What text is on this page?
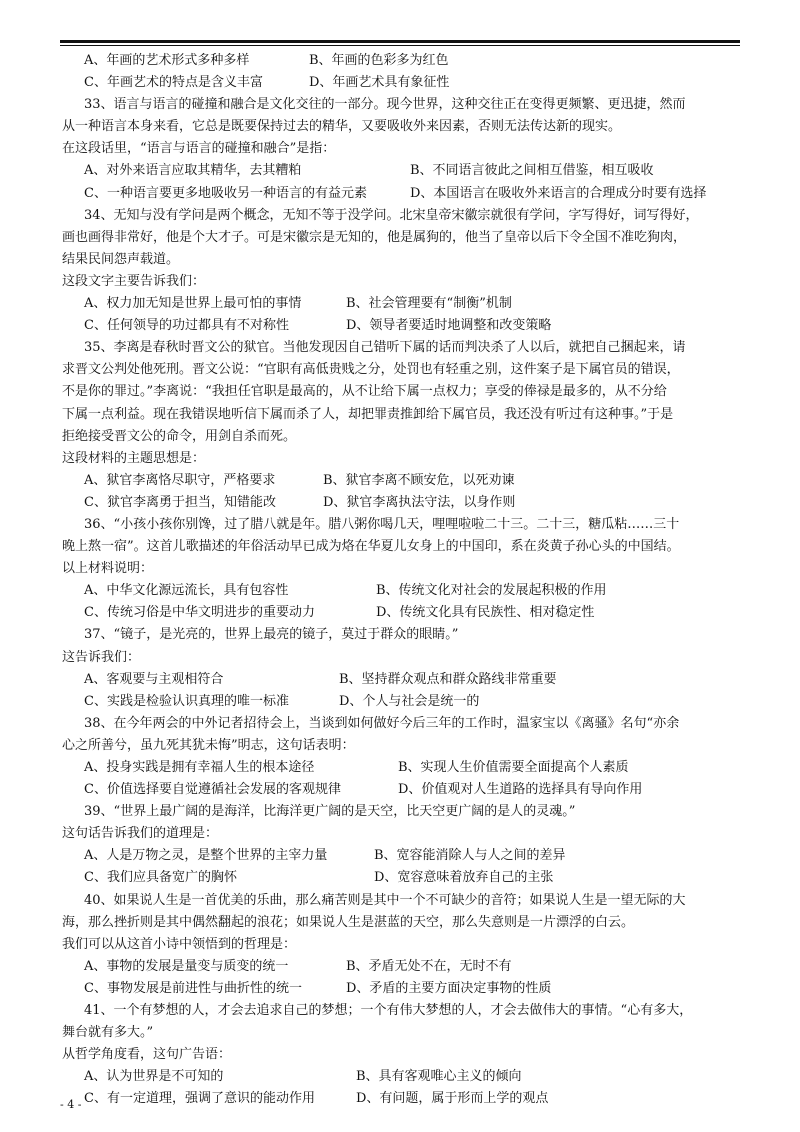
A、年画的艺术形式多种多样	B、年画的色彩多为红色
C、年画艺术的特点是含义丰富	D、年画艺术具有象征性
33、语言与语言的碰撞和融合是文化交往的一部分。现今世界，这种交往正在变得更频繁、更迅捷，然而
从一种语言本身来看，它总是既要保持过去的精华，又要吸收外来因素，否则无法传达新的现实。
在这段话里，“语言与语言的碰撞和融合”是指：
A、对外来语言应取其精华，去其糟粕	B、不同语言彼此之间相互借鉴，相互吸收
C、一种语言要更多地吸收另一种语言的有益元素	D、本国语言在吸收外来语言的合理成分时要有选择
34、无知与没有学问是两个概念，无知不等于没学问。北宋皇帝宋徽宗就很有学问，字写得好，词写得好，
画也画得非常好，他是个大才子。可是宋徽宗是无知的，他是属狗的，他当了皇帝以后下令全国不准吃狗肉，
结果民间怨声载道。
这段文字主要告诉我们：
A、权力加无知是世界上最可怕的事情	B、社会管理要有“制衡”机制
C、任何领导的功过都具有不对称性	D、领导者要适时地调整和改变策略
35、李离是春秋时晋文公的狱官。当他发现因自己错听下属的话而判决杀了人以后，就把自己捆起来，请
求晋文公判处他死刑。晋文公说：“官职有高低贵贱之分，处罚也有轻重之别，这件案子是下属官员的错误，
不是你的罪过。”李离说：“我担任官职是最高的，从不让给下属一点权力；享受的俸禄是最多的，从不分给
下属一点利益。现在我错误地听信下属而杀了人，却把罪责推卸给下属官员，我还没有听过有这种事。”于是
拒绝接受晋文公的命令，用剑自杀而死。
这段材料的主题思想是：
A、狱官李离恪尽职守，严格要求	B、狱官李离不顾安危，以死劝谏
C、狱官李离勇于担当，知错能改	D、狱官李离执法守法，以身作则
36、“小孩小孩你别馋，过了腊八就是年。腊八粥你喝几天，哩哩啦啦二十三。二十三，糖瓜粘……三十
晚上熬一宿”。这首儿歌描述的年俗活动早已成为烙在华夏儿女身上的中国印，系在炎黄子孙心头的中国结。
以上材料说明：
A、中华文化源远流长，具有包容性	B、传统文化对社会的发展起积极的作用
C、传统习俗是中华文明进步的重要动力	D、传统文化具有民族性、相对稳定性
37、“镜子，是光亮的，世界上最亮的镜子，莫过于群众的眼睛。”
这告诉我们：
A、客观要与主观相符合	B、坚持群众观点和群众路线非常重要
C、实践是检验认识真理的唯一标准	D、个人与社会是统一的
38、在今年两会的中外记者招待会上，当谈到如何做好今后三年的工作时，温家宝以《离骚》名句“亦余
心之所善兮，虽九死其犹未悔”明志，这句话表明：
A、投身实践是拥有幸福人生的根本途径	B、实现人生价值需要全面提高个人素质
C、价值选择要自觉遵循社会发展的客观规律	D、价值观对人生道路的选择具有导向作用
39、“世界上最广阔的是海洋，比海洋更广阔的是天空，比天空更广阔的是人的灵魂。”
这句话告诉我们的道理是：
A、人是万物之灵，是整个世界的主宰力量	B、宽容能消除人与人之间的差异
C、我们应具备宽广的胸怀	D、宽容意味着放弃自己的主张
40、如果说人生是一首优美的乐曲，那么痛苦则是其中一个不可缺少的音符；如果说人生是一望无际的大
海，那么挫折则是其中偶然翻起的浪花；如果说人生是湛蓝的天空，那么失意则是一片漂浮的白云。
我们可以从这首小诗中领悟到的哲理是：
A、事物的发展是量变与质变的统一	B、矛盾无处不在，无时不有
C、事物发展是前进性与曲折性的统一	D、矛盾的主要方面决定事物的性质
41、一个有梦想的人，才会去追求自己的梦想；一个有伟大梦想的人，才会去做伟大的事情。“心有多大，
舞台就有多大。”
从哲学角度看，这句广告语：
A、认为世界是不可知的	B、具有客观唯心主义的倾向
C、有一定道理，强调了意识的能动作用	D、有问题，属于形而上学的观点
- 4 -
